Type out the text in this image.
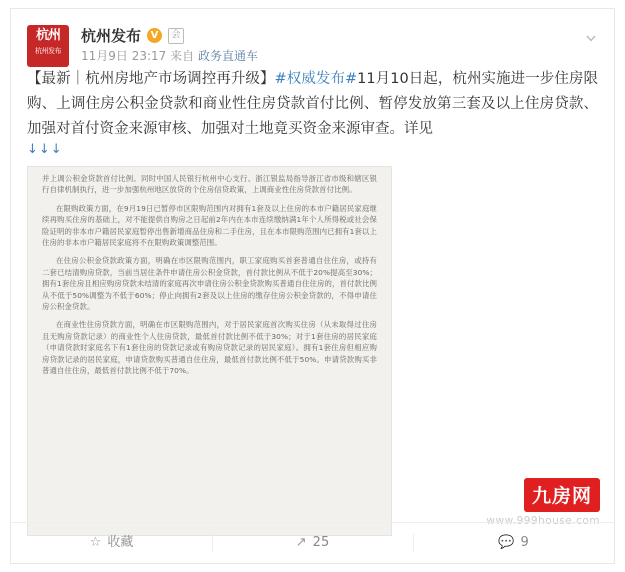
杭州
杭州发布
杭州发布 V	会
11月9日 23:17 来自 政务直通车
【最新｜杭州房地产市场调控再升级】#权威发布#11月10日起，杭州实施进一步住房限购、上调住房公积金贷款和商业性住房贷款首付比例、暂停发放第三套及以上住房贷款、加强对首付资金来源审核、加强对土地竟买资金来源审查。详见
↓↓↓

并上调公积金贷款首付比例。同时中国人民银行杭州中心支行、浙江银监局指导浙江省市级和辖区银行自律机制执行，进一步加强杭州地区放贷的个住房信贷政策，上调商业性住房贷款首付比例。

在限购政策方面，在9月19日已暂停市区限购范围内对拥有1套及以上住房的本市户籍居民家庭继续再购买住房的基础上，对不能提供自购房之日起前2年内在本市连续缴纳满1年个人所得税或社会保险证明的非本市户籍居民家庭暂停出售新增商品住房和二手住房，且在本市限购范围内已拥有1套以上住房的非本市户籍居民家庭将不在限购政策调整范围。

在住房公积金贷款政策方面，明确在市区限购范围内，职工家庭购买首套普通自住住房，或持有二套已结清购房贷款，当前当居住条件申请住房公积金贷款，首付款比例从不低于20%提高至30%；拥有1套住房且相应购房贷款未结清的家庭再次申请住房公积金贷款购买普通自住住房的，首付款比例从不低于50%调整为不低于60%；停止向拥有2套及以上住房的缴存住房公积金贷款的，不得申请住房公积金贷款。

在商业性住房贷款方面，明确在市区限购范围内，对于居民家庭首次购买住房（从未取得过住房且无购房贷款记录）的商业性个人住房贷款，最低首付款比例不低于30%；对于1套住房的居民家庭（申请贷款时家庭名下有1套住房的贷款记录或有购房贷款记录的居民家庭）。拥有1套住房但相应购房贷款记录的居民家庭，申请贷款购买普通自住住房，最低首付款比例不低于50%。申请贷款购买非普通自住住房，最低首付款比例不低于70%。

九房网
www.999house.com
☆ 收藏	↗ 25	💬 9
